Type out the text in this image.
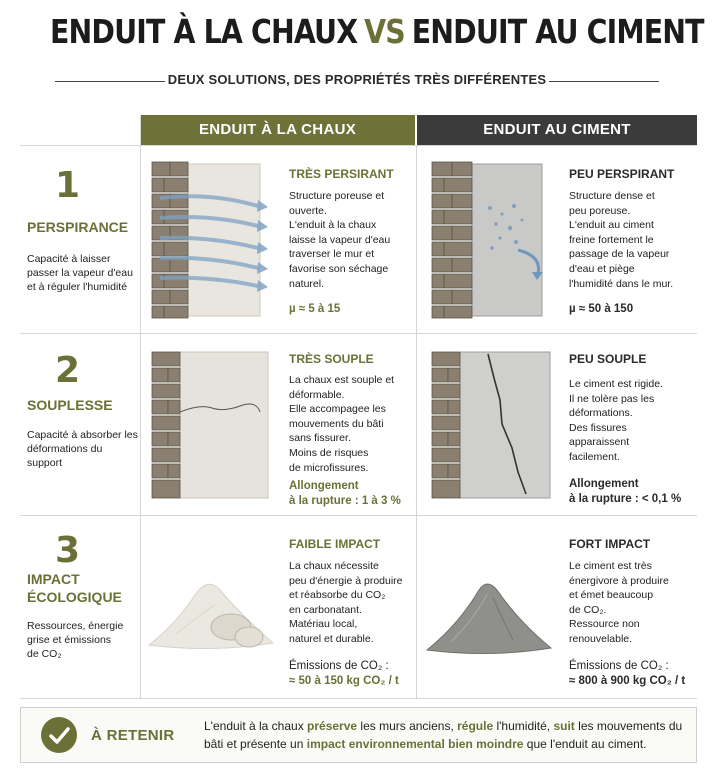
ENDUIT À LA CHAUX VS ENDUIT AU CIMENT
DEUX SOLUTIONS, DES PROPRIÉTÉS TRÈS DIFFÉRENTES
ENDUIT À LA CHAUX	ENDUIT AU CIMENT
1
PERSPIRANCE
Capacité à laisser passer la vapeur d'eau et à réguler l'humidité
TRÈS PERSIRANT
Structure poreuse et
ouverte.
L'enduit à la chaux
laisse la vapeur d'eau
traverser le mur et
favorise son séchage
naturel.
µ ≈ 5 à 15
PEU PERSPIRANT
Structure dense et
peu poreuse.
L'enduit au ciment
freine fortement le
passage de la vapeur
d'eau et piège
l'humidité dans le mur.
µ ≈ 50 à 150
2
SOUPLESSE
Capacité à absorber les déformations du support
TRÈS SOUPLE
La chaux est souple et
déformable.
Elle accompagee les
mouvements du bâti
sans fissurer.
Moins de risques
de microfissures.
Allongement
à la rupture : 1 à 3 %
PEU SOUPLE
Le ciment est rigide.
Il ne tolère pas les
déformations.
Des fissures
apparaissent
facilement.
Allongement
à la rupture : < 0,1 %
3
IMPACT
ÉCOLOGIQUE
Ressources, énergie
grise et émissions
de CO₂
FAIBLE IMPACT
La chaux nécessite
peu d'énergie à produire
et réabsorbe du CO₂
en carbonatant.
Matériau local,
naturel et durable.
Émissions de CO₂ :
≈ 50 à 150 kg CO₂ / t
FORT IMPACT
Le ciment est très
énergivore à produire
et émet beaucoup
de CO₂.
Ressource non
renouvelable.
Émissions de CO₂ :
≈ 800 à 900 kg CO₂ / t
À RETENIR
L'enduit à la chaux préserve les murs anciens, régule l'humidité, suit les mouvements du bâti et présente un impact environnemental bien moindre que l'enduit au ciment.
